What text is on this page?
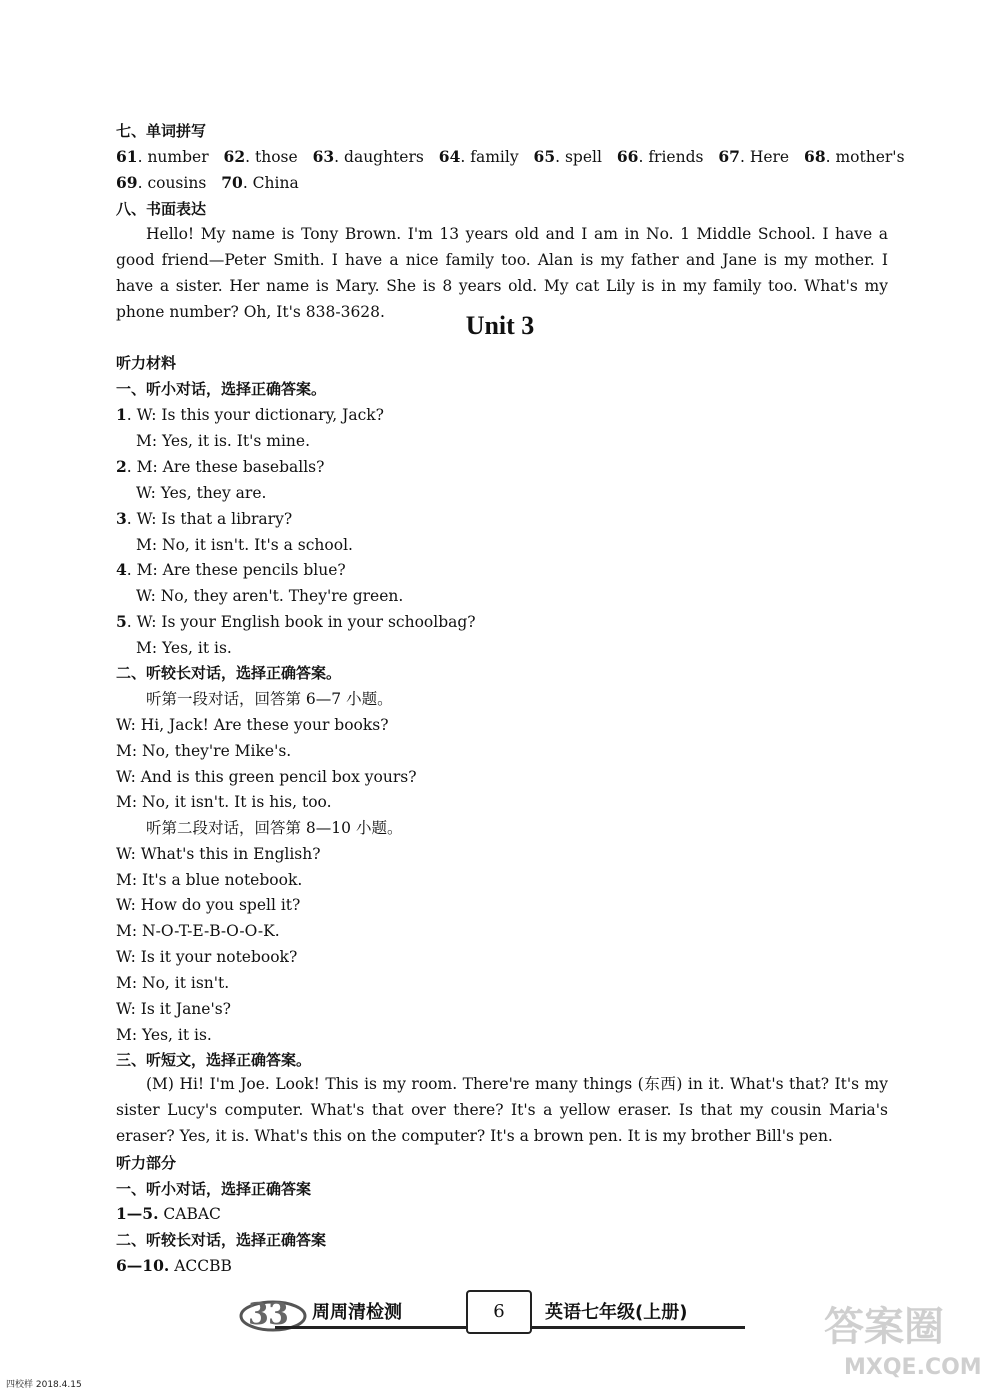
七、单词拼写
61. number 62. those 63. daughters 64. family 65. spell 66. friends 67. Here 68. mother's
69. cousins 70. China
八、书面表达
Hello! My name is Tony Brown. I'm 13 years old and I am in No. 1 Middle School. I have a good friend—Peter Smith. I have a nice family too. Alan is my father and Jane is my mother. I have a sister. Her name is Mary. She is 8 years old. My cat Lily is in my family too. What's my phone number? Oh, It's 838-3628.	Unit 3
听力材料
一、听小对话，选择正确答案。
1. W: Is this your dictionary, Jack?
M: Yes, it is. It's mine.
2. M: Are these baseballs?
W: Yes, they are.
3. W: Is that a library?
M: No, it isn't. It's a school.
4. M: Are these pencils blue?
W: No, they aren't. They're green.
5. W: Is your English book in your schoolbag?
M: Yes, it is.
二、听较长对话，选择正确答案。
听第一段对话，回答第 6—7 小题。
W: Hi, Jack! Are these your books?
M: No, they're Mike's.
W: And is this green pencil box yours?
M: No, it isn't. It is his, too.
听第二段对话，回答第 8—10 小题。
W: What's this in English?
M: It's a blue notebook.
W: How do you spell it?
M: N-O-T-E-B-O-O-K.
W: Is it your notebook?
M: No, it isn't.
W: Is it Jane's?
M: Yes, it is.
三、听短文，选择正确答案。
(M) Hi! I'm Joe. Look! This is my room. There're many things (东西) in it. What's that? It's my sister Lucy's computer. What's that over there? It's a yellow eraser. Is that my cousin Maria's eraser? Yes, it is. What's this on the computer? It's a brown pen. It is my brother Bill's pen.
听力部分
一、听小对话，选择正确答案
1—5. CABAC
二、听较长对话，选择正确答案
6—10. ACCBB
3 3 周周清检测	6	英语七年级(上册)	答案圈
MXQE.COM
四校样 2018.4.15
